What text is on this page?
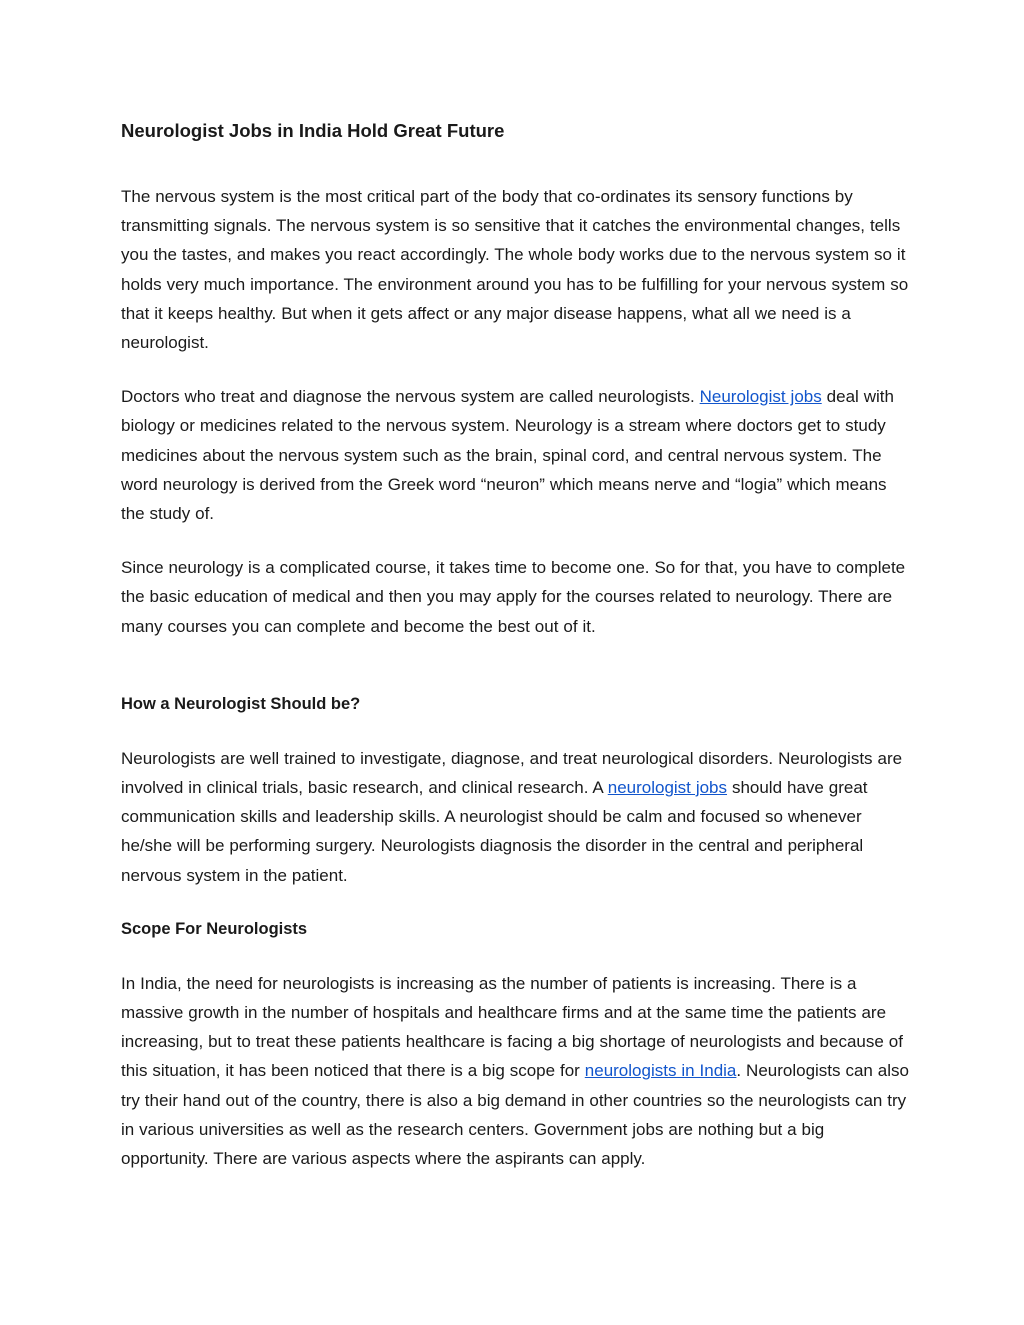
Neurologist Jobs in India Hold Great Future

The nervous system is the most critical part of the body that co-ordinates its sensory functions by transmitting signals. The nervous system is so sensitive that it catches the environmental changes, tells you the tastes, and makes you react accordingly. The whole body works due to the nervous system so it holds very much importance. The environment around you has to be fulfilling for your nervous system so that it keeps healthy. But when it gets affect or any major disease happens, what all we need is a neurologist.

Doctors who treat and diagnose the nervous system are called neurologists. Neurologist jobs deal with biology or medicines related to the nervous system. Neurology is a stream where doctors get to study medicines about the nervous system such as the brain, spinal cord, and central nervous system. The word neurology is derived from the Greek word “neuron” which means nerve and “logia” which means the study of.

Since neurology is a complicated course, it takes time to become one. So for that, you have to complete the basic education of medical and then you may apply for the courses related to neurology. There are many courses you can complete and become the best out of it.

How a Neurologist Should be?

Neurologists are well trained to investigate, diagnose, and treat neurological disorders. Neurologists are involved in clinical trials, basic research, and clinical research. A neurologist jobs should have great communication skills and leadership skills. A neurologist should be calm and focused so whenever he/she will be performing surgery. Neurologists diagnosis the disorder in the central and peripheral nervous system in the patient.

Scope For Neurologists

In India, the need for neurologists is increasing as the number of patients is increasing. There is a massive growth in the number of hospitals and healthcare firms and at the same time the patients are increasing, but to treat these patients healthcare is facing a big shortage of neurologists and because of this situation, it has been noticed that there is a big scope for neurologists in India. Neurologists can also try their hand out of the country, there is also a big demand in other countries so the neurologists can try in various universities as well as the research centers. Government jobs are nothing but a big opportunity. There are various aspects where the aspirants can apply.
